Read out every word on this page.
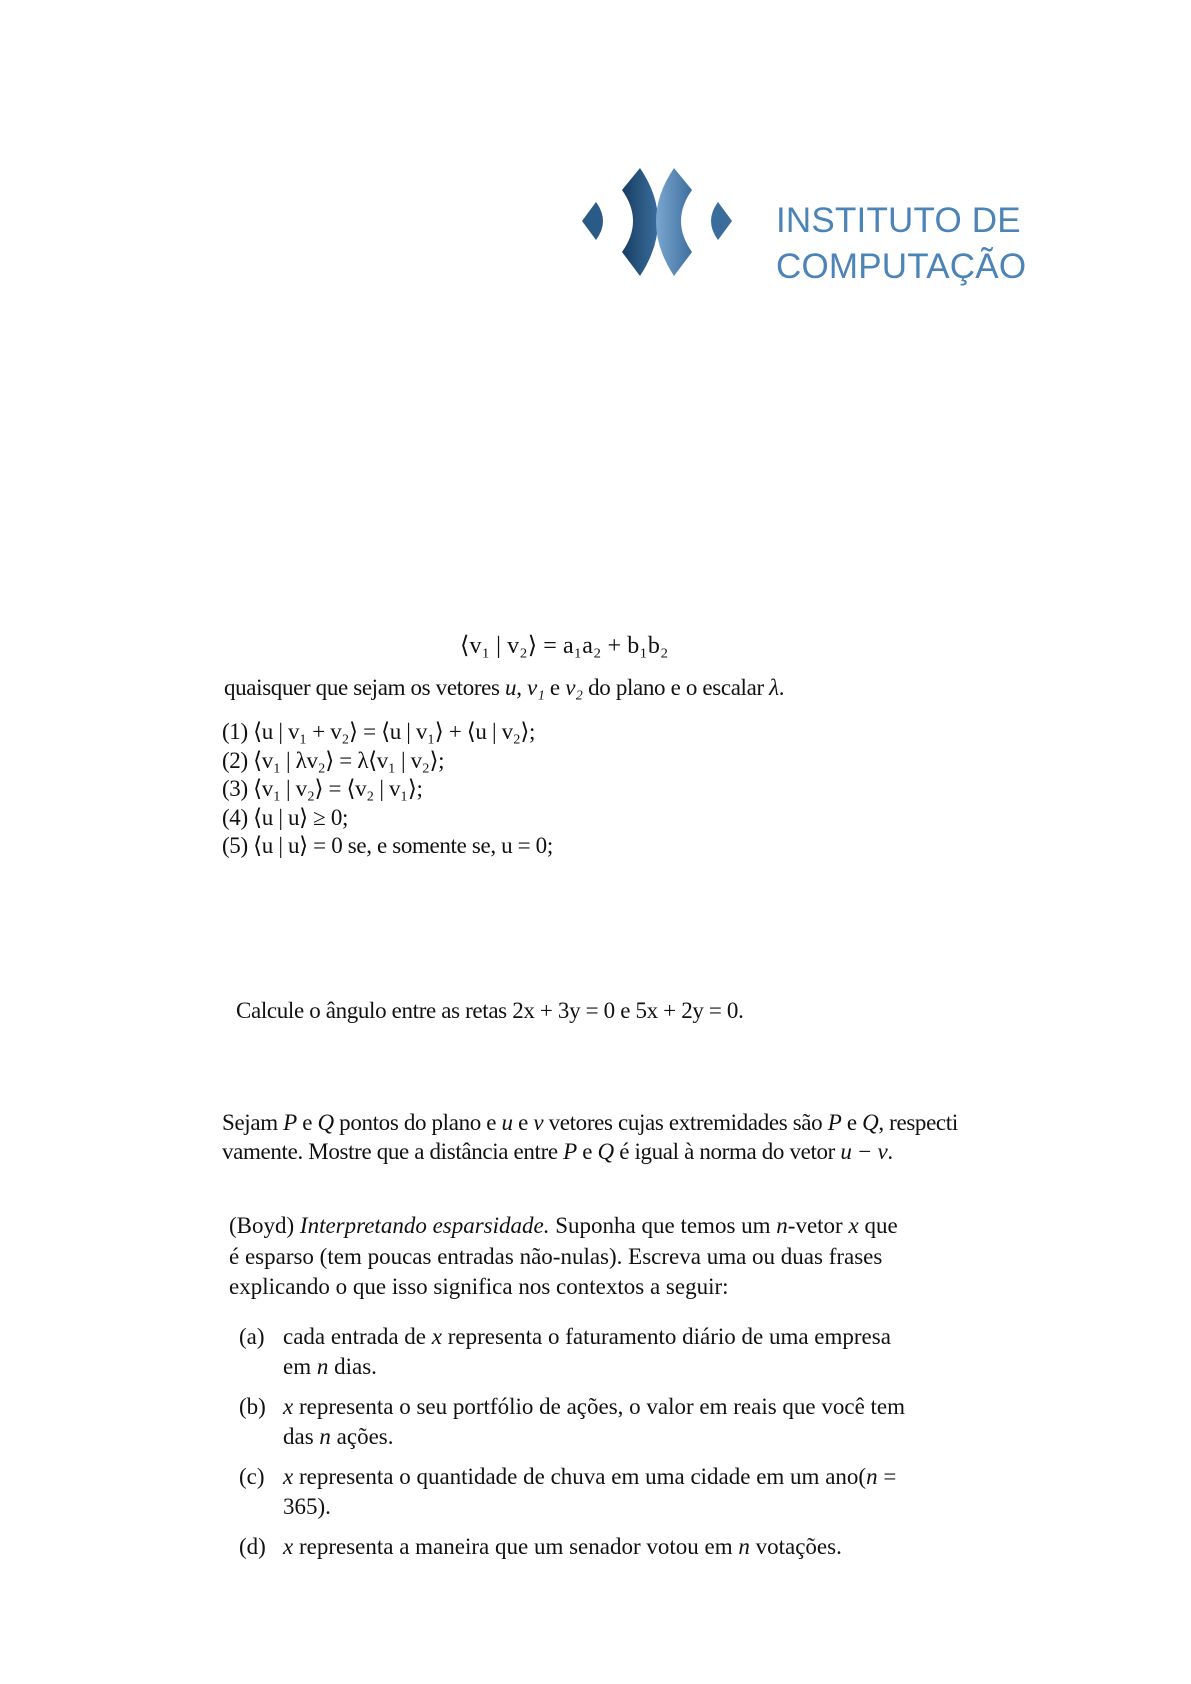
INSTITUTO DE
COMPUTAÇÃO
⟨v₁ | v₂⟩ = a₁a₂ + b₁b₂
quaisquer que sejam os vetores u, v₁ e v₂ do plano e o escalar λ.
(1) ⟨u | v₁ + v₂⟩ = ⟨u | v₁⟩ + ⟨u | v₂⟩;
(2) ⟨v₁ | λv₂⟩ = λ⟨v₁ | v₂⟩;
(3) ⟨v₁ | v₂⟩ = ⟨v₂ | v₁⟩;
(4) ⟨u | u⟩ ≥ 0;
(5) ⟨u | u⟩ = 0 se, e somente se, u = 0;
Calcule o ângulo entre as retas 2x + 3y = 0 e 5x + 2y = 0.
Sejam P e Q pontos do plano e u e v vetores cujas extremidades são P e Q, respecti
vamente. Mostre que a distância entre P e Q é igual à norma do vetor u − v.
(Boyd) Interpretando esparsidade. Suponha que temos um n-vetor x que
é esparso (tem poucas entradas não-nulas). Escreva uma ou duas frases
explicando o que isso significa nos contextos a seguir:
(a) cada entrada de x representa o faturamento diário de uma empresa
em n dias.
(b) x representa o seu portfólio de ações, o valor em reais que você tem
das n ações.
(c) x representa o quantidade de chuva em uma cidade em um ano(n =
365).
(d) x representa a maneira que um senador votou em n votações.
